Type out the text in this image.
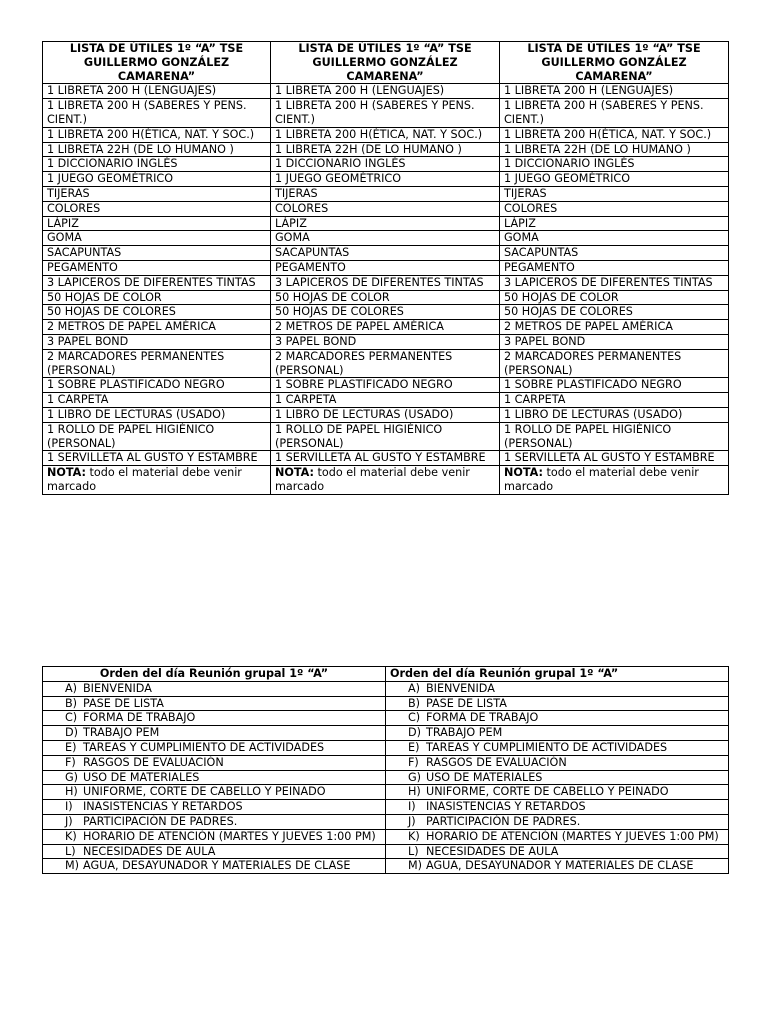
LISTA DE ÚTILES 1º “A” TSE GUILLERMO GONZÁLEZ CAMARENA”	LISTA DE ÚTILES 1º “A” TSE GUILLERMO GONZÁLEZ CAMARENA”	LISTA DE ÚTILES 1º “A” TSE GUILLERMO GONZÁLEZ CAMARENA”
1 LIBRETA 200 H (LENGUAJES)	1 LIBRETA 200 H (LENGUAJES)	1 LIBRETA 200 H (LENGUAJES)
1 LIBRETA 200 H (SABERES Y PENS. CIENT.)	1 LIBRETA 200 H (SABERES Y PENS. CIENT.)	1 LIBRETA 200 H (SABERES Y PENS. CIENT.)
1 LIBRETA 200 H(ÉTICA, NAT. Y SOC.)	1 LIBRETA 200 H(ÉTICA, NAT. Y SOC.)	1 LIBRETA 200 H(ÉTICA, NAT. Y SOC.)
1 LIBRETA 22H (DE LO HUMANO )	1 LIBRETA 22H (DE LO HUMANO )	1 LIBRETA 22H (DE LO HUMANO )
1 DICCIONARIO INGLÉS	1 DICCIONARIO INGLÉS	1 DICCIONARIO INGLÉS
1 JUEGO GEOMÉTRICO	1 JUEGO GEOMÉTRICO	1 JUEGO GEOMÉTRICO
TIJERAS	TIJERAS	TIJERAS
COLORES	COLORES	COLORES
LÁPIZ	LÁPIZ	LÁPIZ
GOMA	GOMA	GOMA
SACAPUNTAS	SACAPUNTAS	SACAPUNTAS
PEGAMENTO	PEGAMENTO	PEGAMENTO
3 LAPICEROS DE DIFERENTES TINTAS	3 LAPICEROS DE DIFERENTES TINTAS	3 LAPICEROS DE DIFERENTES TINTAS
50 HOJAS DE COLOR	50 HOJAS DE COLOR	50 HOJAS DE COLOR
50 HOJAS DE COLORES	50 HOJAS DE COLORES	50 HOJAS DE COLORES
2 METROS DE PAPEL AMÉRICA	2 METROS DE PAPEL AMÉRICA	2 METROS DE PAPEL AMÉRICA
3 PAPEL BOND	3 PAPEL BOND	3 PAPEL BOND
2 MARCADORES PERMANENTES (PERSONAL)	2 MARCADORES PERMANENTES (PERSONAL)	2 MARCADORES PERMANENTES (PERSONAL)
1 SOBRE PLASTIFICADO NEGRO	1 SOBRE PLASTIFICADO NEGRO	1 SOBRE PLASTIFICADO NEGRO
1 CARPETA	1 CARPETA	1 CARPETA
1 LIBRO DE LECTURAS (USADO)	1 LIBRO DE LECTURAS (USADO)	1 LIBRO DE LECTURAS (USADO)
1 ROLLO DE PAPEL HIGIÉNICO (PERSONAL)	1 ROLLO DE PAPEL HIGIÉNICO (PERSONAL)	1 ROLLO DE PAPEL HIGIÉNICO (PERSONAL)
1 SERVILLETA AL GUSTO Y ESTAMBRE	1 SERVILLETA AL GUSTO Y ESTAMBRE	1 SERVILLETA AL GUSTO Y ESTAMBRE
NOTA: todo el material debe venir marcado	NOTA: todo el material debe venir marcado	NOTA: todo el material debe venir marcado
Orden del día Reunión grupal 1º “A”	Orden del día Reunión grupal 1º “A”

A) BIENVENIDA	A) BIENVENIDA

B) PASE DE LISTA	B) PASE DE LISTA

C) FORMA DE TRABAJO	C) FORMA DE TRABAJO

D) TRABAJO PEM	D) TRABAJO PEM

E) TAREAS Y CUMPLIMIENTO DE ACTIVIDADES	E) TAREAS Y CUMPLIMIENTO DE ACTIVIDADES

F) RASGOS DE EVALUACIÓN	F) RASGOS DE EVALUACIÓN

G) USO DE MATERIALES	G) USO DE MATERIALES

H) UNIFORME, CORTE DE CABELLO Y PEINADO	H) UNIFORME, CORTE DE CABELLO Y PEINADO

I) INASISTENCIAS Y RETARDOS	I) INASISTENCIAS Y RETARDOS

J) PARTICIPACIÓN DE PADRES.	J) PARTICIPACIÓN DE PADRES.

K) HORARIO DE ATENCIÓN (MARTES Y JUEVES 1:00 PM)	K) HORARIO DE ATENCIÓN (MARTES Y JUEVES 1:00 PM)

L) NECESIDADES DE AULA	L) NECESIDADES DE AULA

M) AGUA, DESAYUNADOR Y MATERIALES DE CLASE	M) AGUA, DESAYUNADOR Y MATERIALES DE CLASE
